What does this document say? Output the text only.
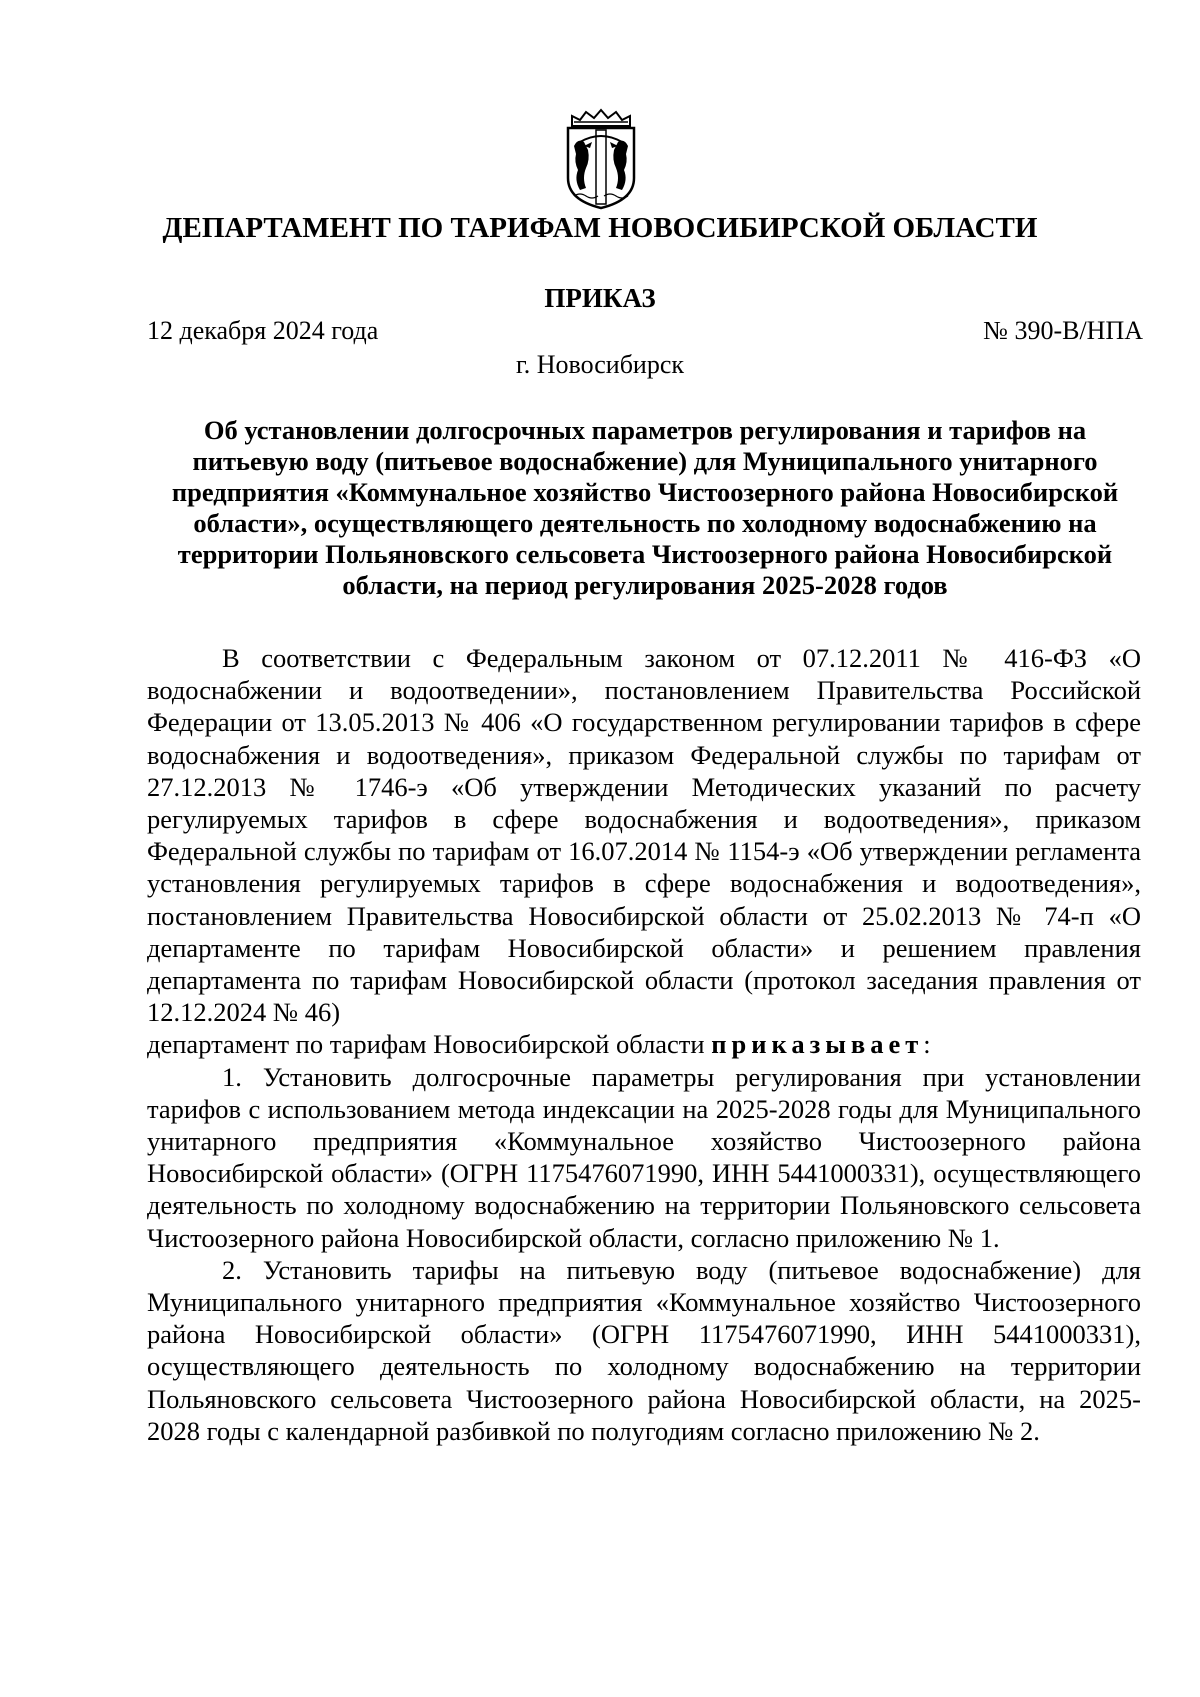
ДЕПАРТАМЕНТ ПО ТАРИФАМ НОВОСИБИРСКОЙ ОБЛАСТИ
ПРИКАЗ
12 декабря 2024 года	№ 390-В/НПА
г. Новосибирск
Об установлении долгосрочных параметров регулирования и тарифов на питьевую воду (питьевое водоснабжение) для Муниципального унитарного предприятия «Коммунальное хозяйство Чистоозерного района Новосибирской области», осуществляющего деятельность по холодному водоснабжению на территории Польяновского сельсовета Чистоозерного района Новосибирской области, на период регулирования 2025-2028 годов

В соответствии с Федеральным законом от 07.12.2011 № 416-ФЗ «О водоснабжении и водоотведении», постановлением Правительства Российской Федерации от 13.05.2013 № 406 «О государственном регулировании тарифов в сфере водоснабжения и водоотведения», приказом Федеральной службы по тарифам от 27.12.2013 № 1746-э «Об утверждении Методических указаний по расчету регулируемых тарифов в сфере водоснабжения и водоотведения», приказом Федеральной службы по тарифам от 16.07.2014 № 1154-э «Об утверждении регламента установления регулируемых тарифов в сфере водоснабжения и водоотведения», постановлением Правительства Новосибирской области от 25.02.2013 № 74-п «О департаменте по тарифам Новосибирской области» и решением правления департамента по тарифам Новосибирской области (протокол заседания правления от 12.12.2024 № 46)

департамент по тарифам Новосибирской области приказывает:

1. Установить долгосрочные параметры регулирования при установлении тарифов с использованием метода индексации на 2025-2028 годы для Муниципального унитарного предприятия «Коммунальное хозяйство Чистоозерного района Новосибирской области» (ОГРН 1175476071990, ИНН 5441000331), осуществляющего деятельность по холодному водоснабжению на территории Польяновского сельсовета Чистоозерного района Новосибирской области, согласно приложению № 1.

2. Установить тарифы на питьевую воду (питьевое водоснабжение) для Муниципального унитарного предприятия «Коммунальное хозяйство Чистоозерного района Новосибирской области» (ОГРН 1175476071990, ИНН 5441000331), осуществляющего деятельность по холодному водоснабжению на территории Польяновского сельсовета Чистоозерного района Новосибирской области, на 2025-2028 годы с календарной разбивкой по полугодиям согласно приложению № 2.
